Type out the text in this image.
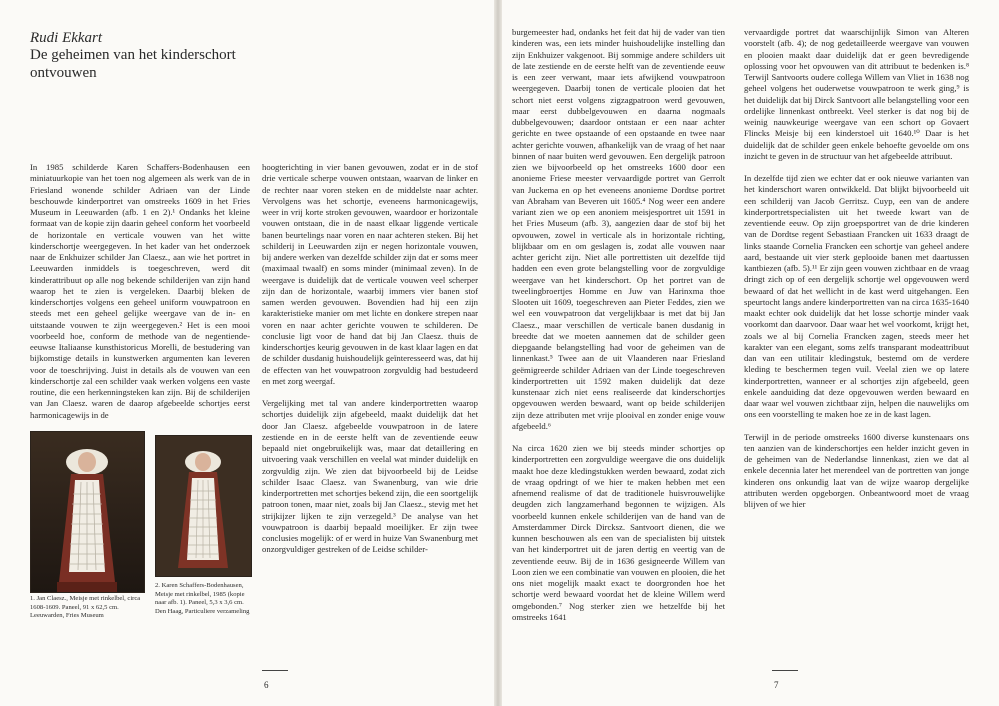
Rudi Ekkart
De geheimen van het kinderschort ontvouwen

In 1985 schilderde Karen Schaffers-Bodenhausen een miniatuurkopie van het toen nog algemeen als werk van de in Friesland wonende schilder Adriaen van der Linde beschouwde kinderportret van omstreeks 1609 in het Fries Museum in Leeuwarden (afb. 1 en 2).¹ Ondanks het kleine formaat van de kopie zijn daarin geheel conform het voorbeeld de horizontale en verticale vouwen van het witte kinderschortje weergegeven. In het kader van het onderzoek naar de Enkhuizer schilder Jan Claesz., aan wie het portret in Leeuwarden inmiddels is toegeschreven, werd dit kinderattribuut op alle nog bekende schilderijen van zijn hand waarop het te zien is vergeleken. Daarbij bleken de kinderschortjes volgens een geheel uniform vouwpatroon en steeds met een geheel gelijke weergave van de in- en uitstaande vouwen te zijn weergegeven.² Het is een mooi voorbeeld hoe, conform de methode van de negentiende-eeuwse Italiaanse kunsthistoricus Morelli, de bestudering van bijkomstige details in kunstwerken argumenten kan leveren voor de toeschrijving. Juist in details als de vouwen van een kinderschortje zal een schilder vaak werken volgens een vaste routine, die een herkenningsteken kan zijn. Bij de schilderijen van Jan Claesz. waren de daarop afgebeelde schortjes eerst harmonicagewijs in de

1. Jan Claesz., Meisje met rinkelbel, circa 1608-1609. Paneel, 91 x 62,5 cm. Leeuwarden, Fries Museum
2. Karen Schaffers-Bodenhausen, Meisje met rinkelbel, 1985 (kopie naar afb. 1). Paneel, 5,3 x 3,6 cm. Den Haag, Particuliere verzameling

hoogterichting in vier banen gevouwen, zodat er in de stof drie verticale scherpe vouwen ontstaan, waarvan de linker en de rechter naar voren steken en de middelste naar achter. Vervolgens was het schortje, eveneens harmonicagewijs, weer in vrij korte stroken gevouwen, waardoor er horizontale vouwen ontstaan, die in de naast elkaar liggende verticale banen beurtelings naar voren en naar achteren steken. Bij het schilderij in Leeuwarden zijn er negen horizontale vouwen, bij andere werken van dezelfde schilder zijn dat er soms meer (maximaal twaalf) en soms minder (minimaal zeven). In de weergave is duidelijk dat de verticale vouwen veel scherper zijn dan de horizontale, waarbij immers vier banen stof samen werden gevouwen. Bovendien had hij een zijn karakteristieke manier om met lichte en donkere strepen naar voren en naar achter gerichte vouwen te schilderen. De conclusie ligt voor de hand dat bij Jan Claesz. thuis de kinderschortjes keurig gevouwen in de kast klaar lagen en dat de schilder dusdanig huishoudelijk geïnteresseerd was, dat hij de effecten van het vouwpatroon zorgvuldig had bestudeerd en met zorg weergaf.

Vergelijking met tal van andere kinderportretten waarop schortjes duidelijk zijn afgebeeld, maakt duidelijk dat het door Jan Claesz. afgebeelde vouwpatroon in de latere zestiende en in de eerste helft van de zeventiende eeuw bepaald niet ongebruikelijk was, maar dat detaillering en uitvoering vaak verschillen en veelal wat minder duidelijk en zorgvuldig zijn. We zien dat bijvoorbeeld bij de Leidse schilder Isaac Claesz. van Swanenburg, van wie drie kinderportretten met schortjes bekend zijn, die een soortgelijk patroon tonen, maar niet, zoals bij Jan Claesz., stevig met het strijkijzer lijken te zijn verzegeld.³ De analyse van het vouwpatroon is daarbij bepaald moeilijker. Er zijn twee conclusies mogelijk: of er werd in huize Van Swanenburg met onzorgvuldiger gestreken of de Leidse schilder-

6

burgemeester had, ondanks het feit dat hij de vader van tien kinderen was, een iets minder huishoudelijke instelling dan zijn Enkhuizer vakgenoot. Bij sommige andere schilders uit de late zestiende en de eerste helft van de zeventiende eeuw is een zeer verwant, maar iets afwijkend vouwpatroon weergegeven. Daarbij tonen de verticale plooien dat het schort niet eerst volgens zigzagpatroon werd gevouwen, maar eerst dubbelgevouwen en daarna nogmaals dubbelgevouwen; daardoor ontstaan er een naar achter gerichte en twee opstaande of een opstaande en twee naar achter gerichte vouwen, afhankelijk van de vraag of het naar binnen of naar buiten werd gevouwen. Een dergelijk patroon zien we bijvoorbeeld op het omstreeks 1600 door een anonieme Friese meester vervaardigde portret van Gerrolt van Juckema en op het eveneens anonieme Dordtse portret van Abraham van Beveren uit 1605.⁴ Nog weer een andere variant zien we op een anoniem meisjesportret uit 1591 in het Fries Museum (afb. 3), aangezien daar de stof bij het opvouwen, zowel in verticale als in horizontale richting, blijkbaar om en om geslagen is, zodat alle vouwen naar achter gericht zijn. Niet alle portrettisten uit dezelfde tijd hadden een even grote belangstelling voor de zorgvuldige weergave van het kinderschort. Op het portret van de tweelingbroertjes Homme en Juw van Harinxma thoe Slooten uit 1609, toegeschreven aan Pieter Feddes, zien we wel een vouwpatroon dat vergelijkbaar is met dat bij Jan Claesz., maar verschillen de verticale banen dusdanig in breedte dat we moeten aannemen dat de schilder geen diepgaande belangstelling had voor de geheimen van de linnenkast.⁵ Twee aan de uit Vlaanderen naar Friesland geëmigreerde schilder Adriaen van der Linde toegeschreven kinderportretten uit 1592 maken duidelijk dat deze kunstenaar zich niet eens realiseerde dat kinderschortjes opgevouwen werden bewaard, want op beide schilderijen zijn deze attributen met vrije plooival en zonder enige vouw afgebeeld.⁶

Na circa 1620 zien we bij steeds minder schortjes op kinderportretten een zorgvuldige weergave die ons duidelijk maakt hoe deze kledingstukken werden bewaard, zodat zich de vraag opdringt of we hier te maken hebben met een afnemend realisme of dat de traditionele huisvrouwelijke deugden zich langzamerhand begonnen te wijzigen. Als voorbeeld kunnen enkele schilderijen van de hand van de Amsterdammer Dirck Dircksz. Santvoort dienen, die we kunnen beschouwen als een van de specialisten bij uitstek van het kinderportret uit de jaren dertig en veertig van de zeventiende eeuw. Bij de in 1636 gesigneerde Willem van Loon zien we een combinatie van vouwen en plooien, die het ons niet mogelijk maakt exact te doorgronden hoe het schortje werd bewaard voordat het de kleine Willem werd omgebonden.⁷ Nog sterker zien we hetzelfde bij het omstreeks 1641

vervaardigde portret dat waarschijnlijk Simon van Alteren voorstelt (afb. 4); de nog gedetailleerde weergave van vouwen en plooien maakt daar duidelijk dat er geen bevredigende oplossing voor het opvouwen van dit attribuut te bedenken is.⁸ Terwijl Santvoorts oudere collega Willem van Vliet in 1638 nog geheel volgens het ouderwetse vouwpatroon te werk ging,⁹ is het duidelijk dat bij Dirck Santvoort alle belangstelling voor een ordelijke linnenkast ontbreekt. Veel sterker is dat nog bij de weinig nauwkeurige weergave van een schort op Govaert Flincks Meisje bij een kinderstoel uit 1640.¹⁰ Daar is het duidelijk dat de schilder geen enkele behoefte gevoelde om ons inzicht te geven in de structuur van het afgebeelde attribuut.

In dezelfde tijd zien we echter dat er ook nieuwe varianten van het kinderschort waren ontwikkeld. Dat blijkt bijvoorbeeld uit een schilderij van Jacob Gerritsz. Cuyp, een van de andere kinderportretspecialisten uit het tweede kwart van de zeventiende eeuw. Op zijn groepsportret van de drie kinderen van de Dordtse regent Sebastiaan Francken uit 1633 draagt de links staande Cornelia Francken een schortje van geheel andere aard, bestaande uit vier sterk geplooide banen met daartussen kantbiezen (afb. 5).¹¹ Er zijn geen vouwen zichtbaar en de vraag dringt zich op of een dergelijk schortje wel opgevouwen werd bewaard of dat het wellicht in de kast werd uitgehangen. Een speurtocht langs andere kinderportretten van na circa 1635-1640 maakt echter ook duidelijk dat het losse schortje minder vaak voorkomt dan daarvoor. Daar waar het wel voorkomt, krijgt het, zoals we al bij Cornelia Francken zagen, steeds meer het karakter van een elegant, soms zelfs transparant modeattribuut dan van een utilitair kledingstuk, bestemd om de verdere kleding te beschermen tegen vuil. Veelal zien we op latere kinderportretten, wanneer er al schortjes zijn afgebeeld, geen enkele aanduiding dat deze opgevouwen werden bewaard en daar waar wel vouwen zichtbaar zijn, helpen die nauwelijks om ons een voorstelling te maken hoe ze in de kast lagen.

Terwijl in de periode omstreeks 1600 diverse kunstenaars ons ten aanzien van de kinderschortjes een helder inzicht geven in de geheimen van de Nederlandse linnenkast, zien we dat al enkele decennia later het merendeel van de portretten van jonge kinderen ons onkundig laat van de wijze waarop dergelijke attributen werden opgeborgen. Onbeantwoord moet de vraag blijven of we hier

7
